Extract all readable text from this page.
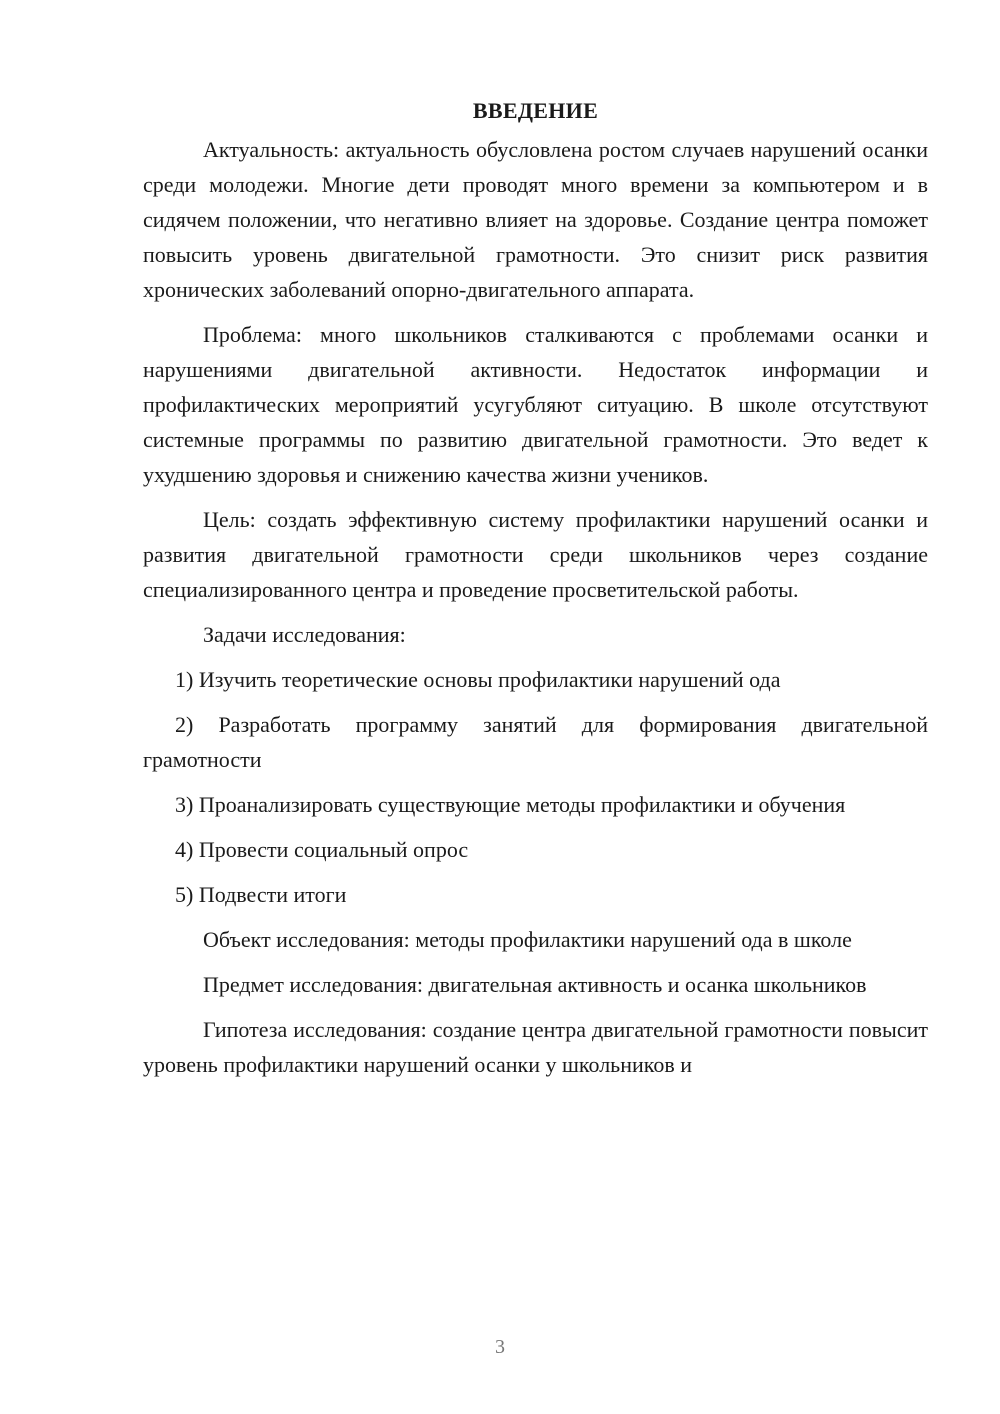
ВВЕДЕНИЕ

Актуальность: актуальность обусловлена ростом случаев нарушений осанки среди молодежи. Многие дети проводят много времени за компьютером и в сидячем положении, что негативно влияет на здоровье. Создание центра поможет повысить уровень двигательной грамотности. Это снизит риск развития хронических заболеваний опорно-двигательного аппарата.

Проблема: много школьников сталкиваются с проблемами осанки и нарушениями двигательной активности. Недостаток информации и профилактических мероприятий усугубляют ситуацию. В школе отсутствуют системные программы по развитию двигательной грамотности. Это ведет к ухудшению здоровья и снижению качества жизни учеников.

Цель: создать эффективную систему профилактики нарушений осанки и развития двигательной грамотности среди школьников через создание специализированного центра и проведение просветительской работы.

Задачи исследования:

1) Изучить теоретические основы профилактики нарушений ода

2) Разработать программу занятий для формирования двигательной грамотности

3) Проанализировать существующие методы профилактики и обучения

4) Провести социальный опрос

5) Подвести итоги

Объект исследования: методы профилактики нарушений ода в школе

Предмет исследования: двигательная активность и осанка школьников

Гипотеза исследования: создание центра двигательной грамотности повысит уровень профилактики нарушений осанки у школьников и

3
